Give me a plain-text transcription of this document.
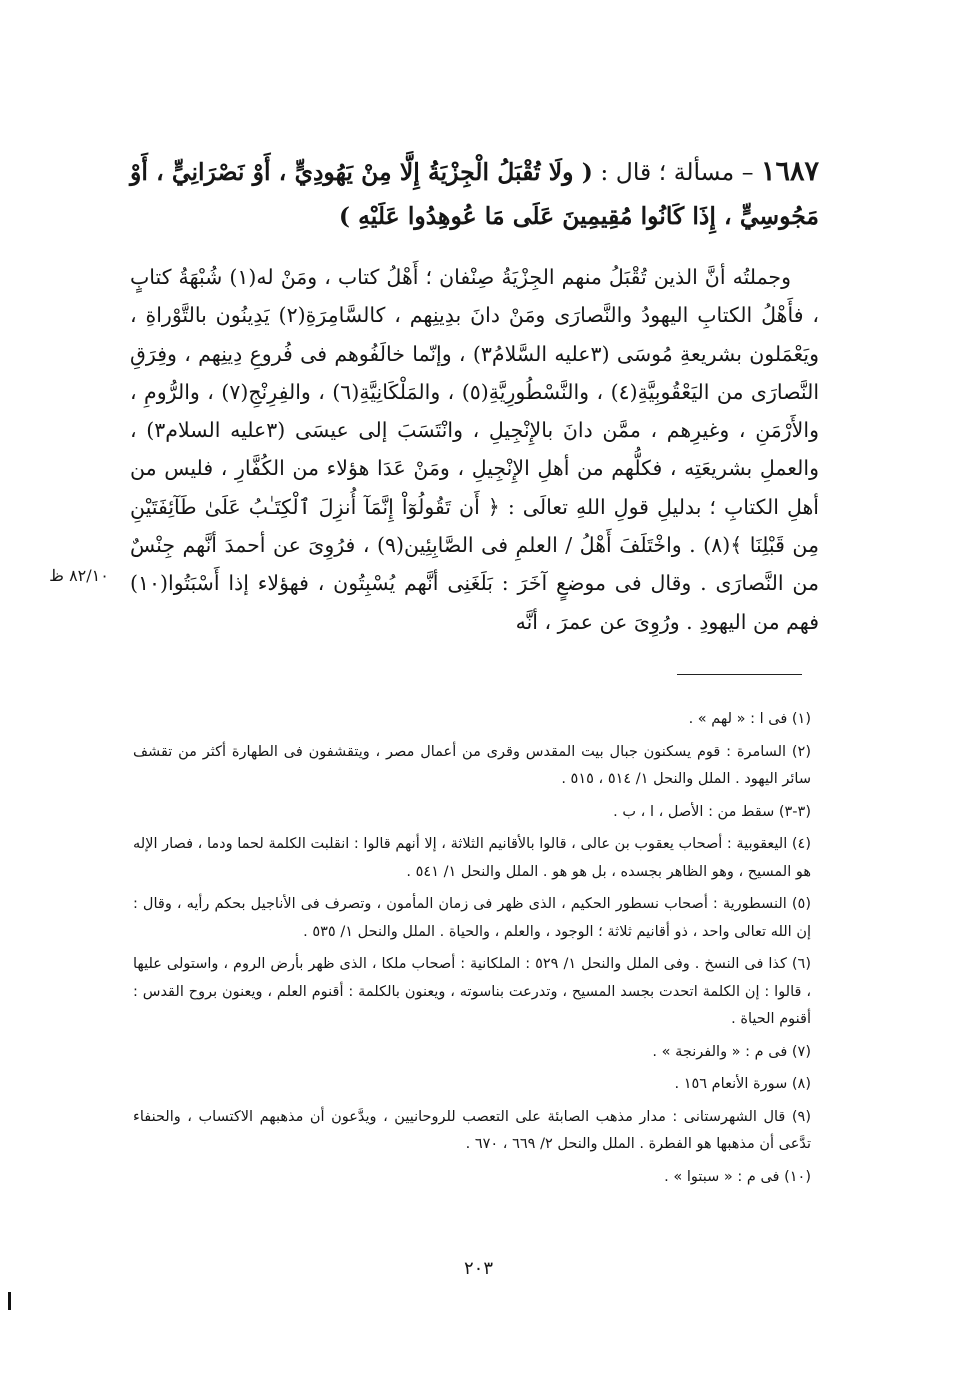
١٦٨٧ – مسألة ؛ قال : ( ولَا تُقْبَلُ الْجِزْيَةُ إِلَّا مِنْ يَهُودِيٍّ ، أَوْ نَصْرَانِيٍّ ، أَوْ مَجُوسِيٍّ ، إِذَا كَانُوا مُقِيمِينَ عَلَى مَا عُوهِدُوا عَلَيْهِ )

وجملتُه أنَّ الذين تُقْبَلُ منهم الجِزْيَةُ صِنْفان ؛ أَهْلُ كتاب ، ومَنْ له(١) شُبْهَةُ كتابٍ ، فأَهْلُ الكتابِ اليهودُ والنَّصارَى ومَنْ دانَ بدِينِهم ، كالسَّامِرَةِ(٢) يَدِينُون بالتَّوْراةِ ، ويَعْمَلون بشريعةِ مُوسَى (٣عليه السَّلامُ٣) ، وإنّما خالَفُوهم فى فُروعِ دِينِهم ، وفِرَقِ النَّصارَى من اليَعْقُوبِيَّةِ(٤) ، والنَّسْطُورِيَّةِ(٥) ، والمَلْكَانِيَّةِ(٦) ، والفِرِنْجِ(٧) ، والرُّومِ ، والأَرْمَنِ ، وغيرِهم ، ممَّن دانَ بالإِنْجِيلِ ، وانْتَسَبَ إلى عيسَى (٣عليه السلام٣) ، والعملِ بشريعَتِه ، فكلُّهم من أهلِ الإِنْجِيلِ ، ومَنْ عَدَا هؤلاء من الكُفَّارِ ، فليس من أهلِ الكتابِ ؛ بدليلِ قولِ اللهِ تعالَى : ﴿ أَن تَقُولُوٓاْ إِنَّمَآ أُنزِلَ ٱلْكِتَـٰبُ عَلَىٰ طَآئِفَتَيْنِ مِن قَبْلِنَا ﴾(٨) . واخْتَلَفَ أَهْلُ / العلمِ فى الصَّابِئِين(٩) ، فرُوِىَ عن أحمدَ أنَّهم جِنْسٌ من النَّصارَى . وقال فى موضعٍ آخَرَ : بَلَغَنِى أنَّهم يُسْبِتُون ، فهؤلاء إذا أَسْبَتُوا(١٠) فهم من اليهودِ . ورُوِىَ عن عمرَ ، أنَّه

٨٢/١٠ ظ
(١) فى ا : « لهم » .
(٢) السامرة : قوم يسكنون جبال بيت المقدس وقرى من أعمال مصر ، ويتقشفون فى الطهارة أكثر من تقشف سائر اليهود . الملل والنحل ١/ ٥١٤ ، ٥١٥ .
(٣-٣) سقط من : الأصل ، ا ، ب .
(٤) اليعقوبية : أصحاب يعقوب بن عالى ، قالوا بالأقانيم الثلاثة ، إلا أنهم قالوا : انقلبت الكلمة لحما ودما ، فصار الإله هو المسيح ، وهو الظاهر بجسده ، بل هو هو . الملل والنحل ١/ ٥٤١ .
(٥) النسطورية : أصحاب نسطور الحكيم ، الذى ظهر فى زمان المأمون ، وتصرف فى الأناجيل بحكم رأيه ، وقال : إن الله تعالى واحد ، ذو أقانيم ثلاثة ؛ الوجود ، والعلم ، والحياة . الملل والنحل ١/ ٥٣٥ .
(٦) كذا فى النسخ . وفى الملل والنحل ١/ ٥٢٩ : الملكانية : أصحاب ملكا ، الذى ظهر بأرض الروم ، واستولى عليها ، قالوا : إن الكلمة اتحدت بجسد المسيح ، وتدرعت بناسوته ، ويعنون بالكلمة : أقنوم العلم ، ويعنون بروح القدس : أقنوم الحياة .
(٧) فى م : « والفرنجة » .
(٨) سورة الأنعام ١٥٦ .
(٩) قال الشهرستانى : مدار مذهب الصابئة على التعصب للروحانيين ، ويدَّعون أن مذهبهم الاكتساب ، والحنفاء تدَّعى أن مذهبها هو الفطرة . الملل والنحل ٢/ ٦٦٩ ، ٦٧٠ .
(١٠) فى م : « سبتوا » .
٢٠٣
